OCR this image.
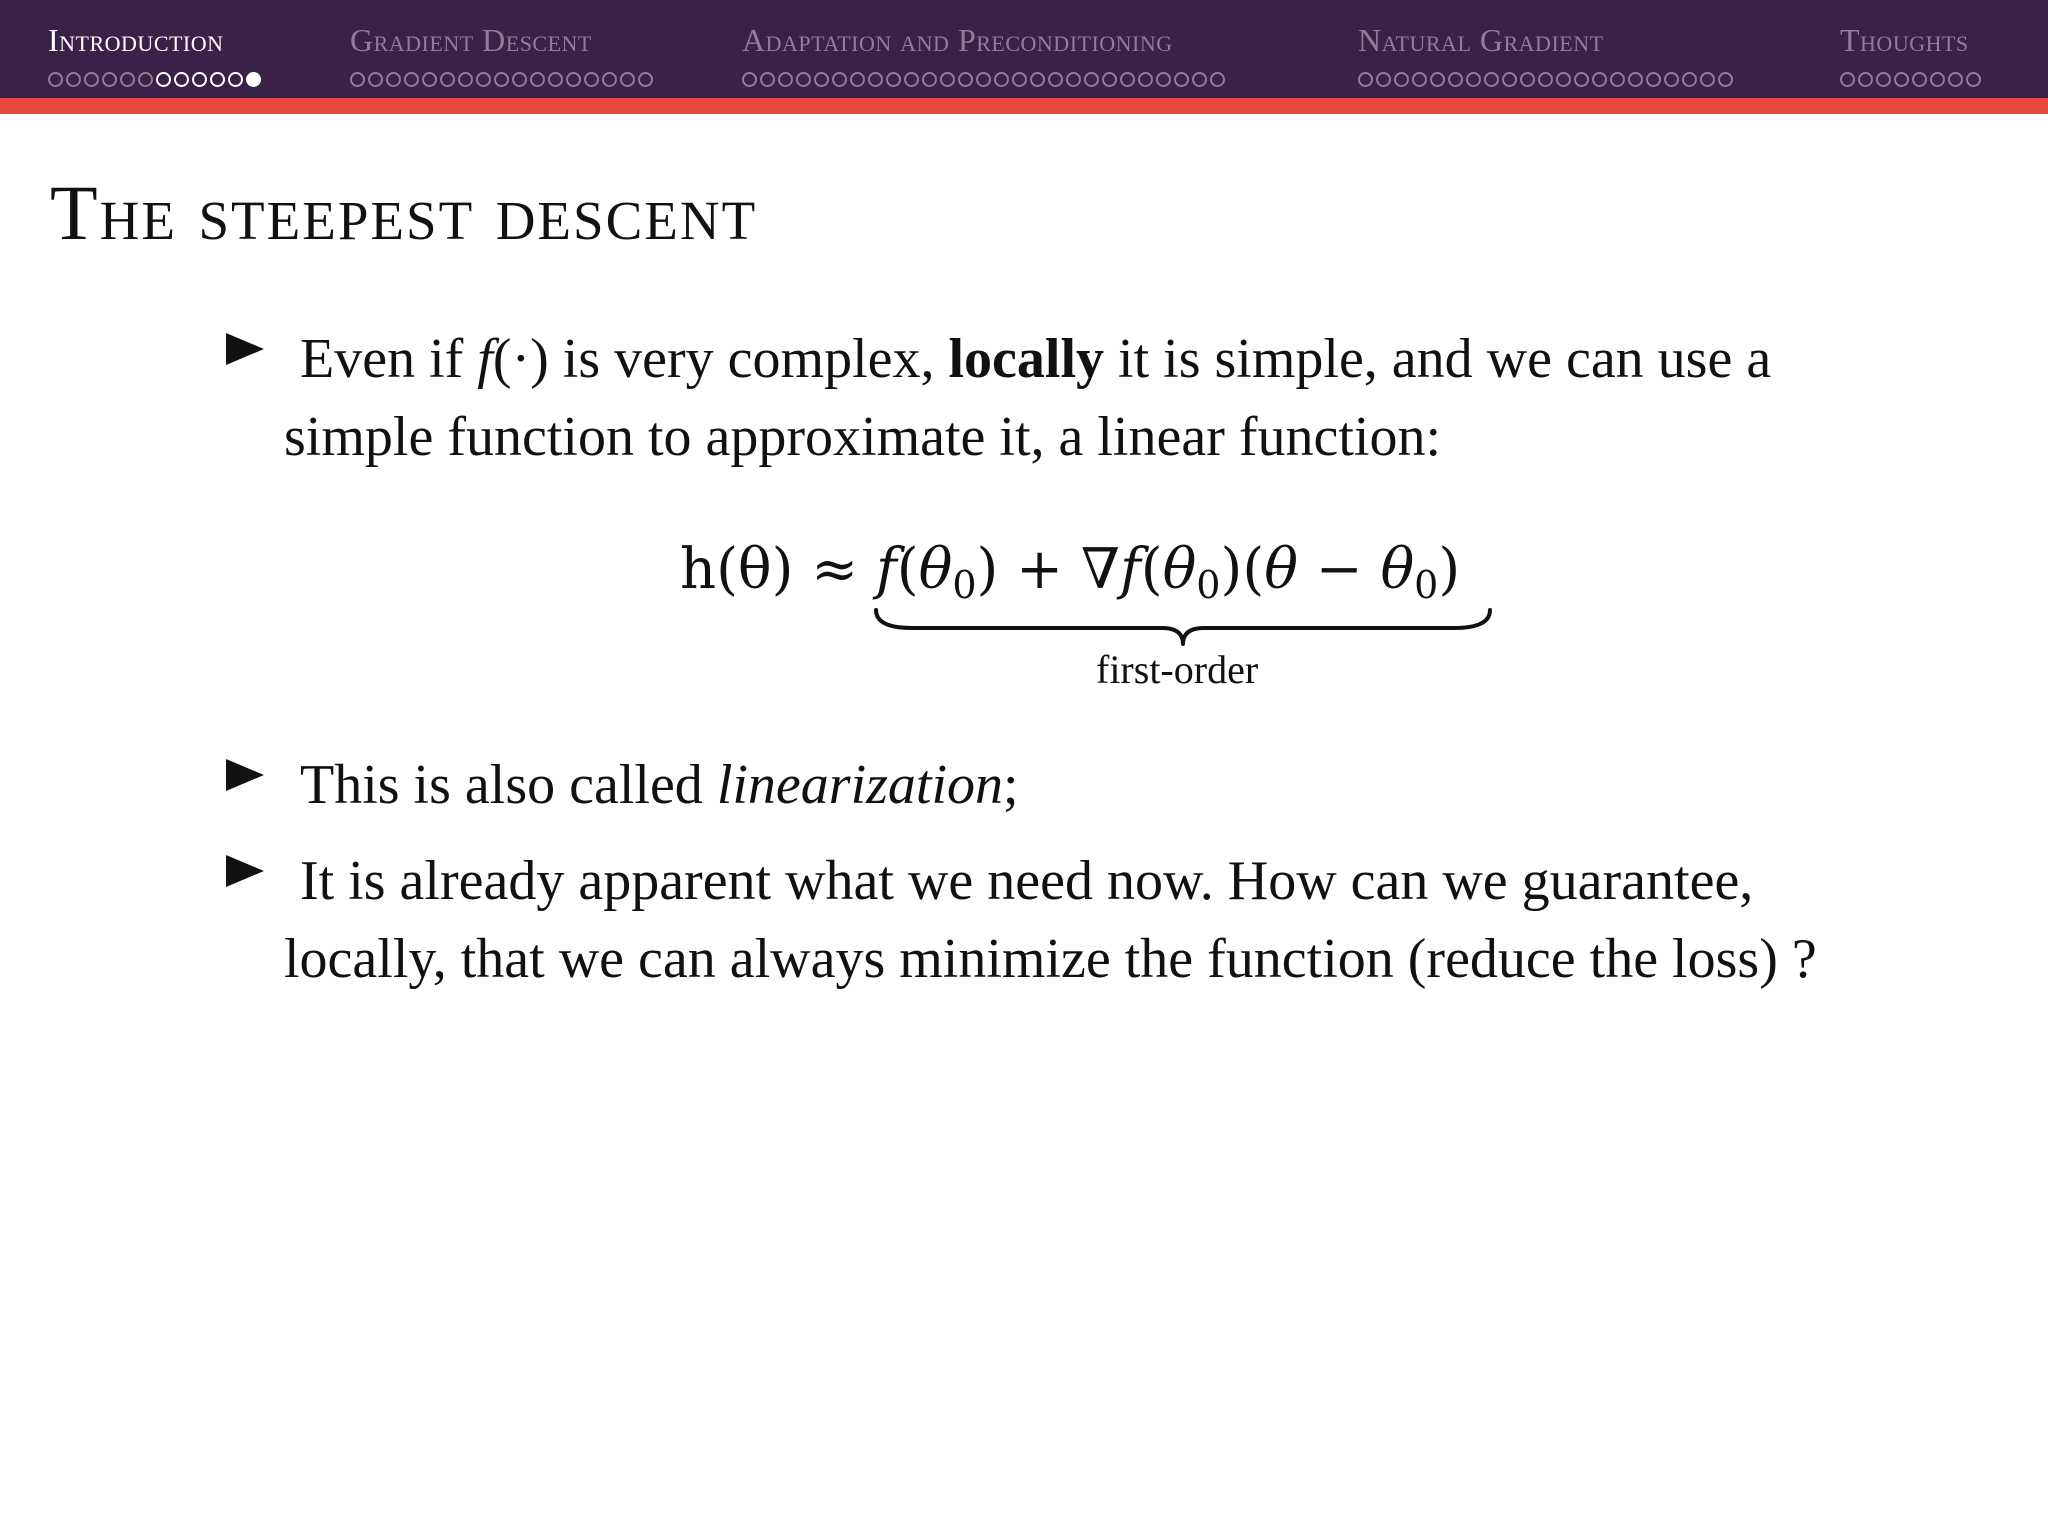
Introduction	Gradient Descent	Adaptation and Preconditioning	Natural Gradient	Thoughts
The steepest descent
Even if f(·) is very complex, locally it is simple, and we can use a simple function to approximate it, a linear function:
$h(\theta) \approx f(\theta_0) + \nabla f(\theta_0)(\theta - \theta_0)$
first-order
This is also called linearization;
It is already apparent what we need now. How can we guarantee, locally, that we can always minimize the function (reduce the loss) ?
